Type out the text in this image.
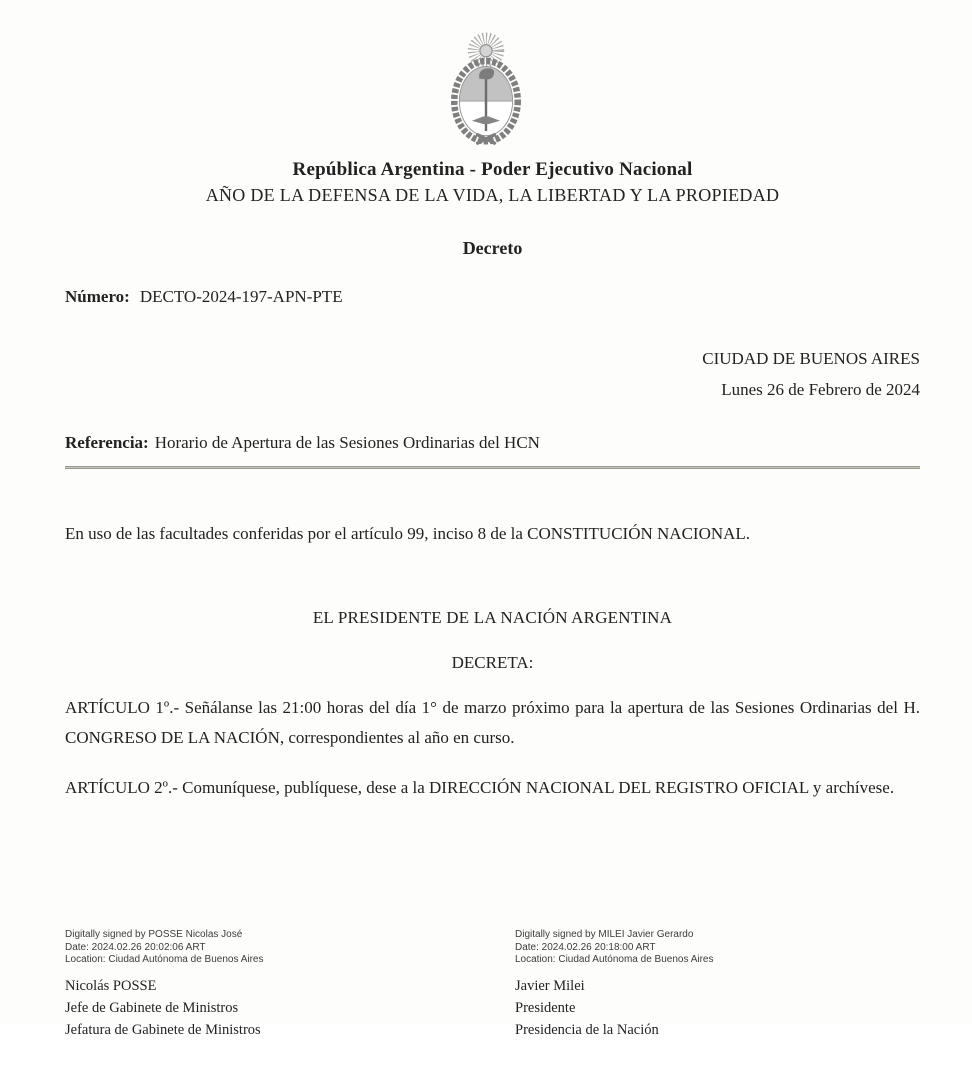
República Argentina - Poder Ejecutivo Nacional
AÑO DE LA DEFENSA DE LA VIDA, LA LIBERTAD Y LA PROPIEDAD
Decreto

Número: DECTO-2024-197-APN-PTE

CIUDAD DE BUENOS AIRES
Lunes 26 de Febrero de 2024

Referencia: Horario de Apertura de las Sesiones Ordinarias del HCN

En uso de las facultades conferidas por el artículo 99, inciso 8 de la CONSTITUCIÓN NACIONAL.

EL PRESIDENTE DE LA NACIÓN ARGENTINA
DECRETA:

ARTÍCULO 1º.- Señálanse las 21:00 horas del día 1° de marzo próximo para la apertura de las Sesiones Ordinarias del H. CONGRESO DE LA NACIÓN, correspondientes al año en curso.

ARTÍCULO 2º.- Comuníquese, publíquese, dese a la DIRECCIÓN NACIONAL DEL REGISTRO OFICIAL y archívese.

Digitally signed by POSSE Nicolas José
Date: 2024.02.26 20:02:06 ART
Location: Ciudad Autónoma de Buenos Aires
Nicolás POSSE
Jefe de Gabinete de Ministros
Jefatura de Gabinete de Ministros
Digitally signed by MILEI Javier Gerardo
Date: 2024.02.26 20:18:00 ART
Location: Ciudad Autónoma de Buenos Aires
Javier Milei
Presidente
Presidencia de la Nación
